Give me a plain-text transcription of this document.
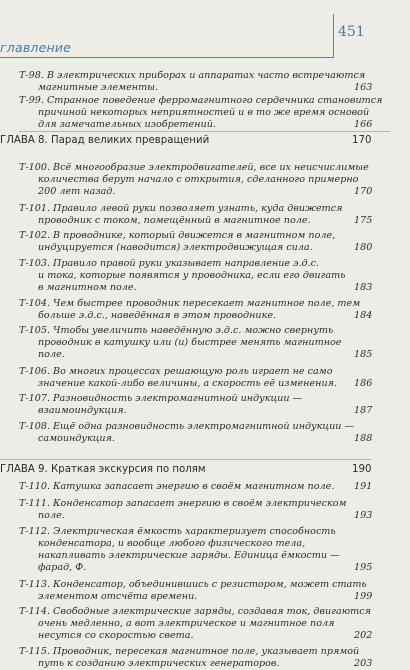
главление
451
Т-98. В электрических приборах и аппаратах часто встречаются
магнитные элементы.	163
Т-99. Странное поведение ферромагнитного сердечника становится
причиной некоторых неприятностей и в то же время основой
для замечательных изобретений.	166
ГЛАВА 8. Парад великих превращений	170
Т-100. Всё многообразие электродвигателей, все их неисчислимые
количества берут начало с открытия, сделанного примерно
200 лет назад.	170
Т-101. Правило левой руки позволяет узнать, куда движется
проводник с током, помещённый в магнитное поле.	175
Т-102. В проводнике, который движется в магнитном поле,
индуцируется (наводится) электродвижущая сила.	180
Т-103. Правило правой руки указывает направление э.д.с.
и тока, которые появятся у проводника, если его двигать
в магнитном поле.	183
Т-104. Чем быстрее проводник пересекает магнитное поле, тем
больше э.д.с., наведённая в этом проводнике.	184
Т-105. Чтобы увеличить наведённую э.д.с. можно свернуть
проводник в катушку или (и) быстрее менять магнитное
поле.	185
Т-106. Во многих процессах решающую роль играет не само
значение какой-либо величины, а скорость её изменения. 186
Т-107. Разновидность электромагнитной индукции —
взаимоиндукция.	187
Т-108. Ещё одна разновидность электромагнитной индукции —
самоиндукция.	188
ГЛАВА 9. Краткая экскурсия по полям	190
Т-110. Катушка запасает энергию в своём магнитном поле. 191
Т-111. Конденсатор запасает энергию в своём электрическом
поле.	193
Т-112. Электрическая ёмкость характеризует способность
конденсатора, и вообще любого физического тела,
накапливать электрические заряды. Единица ёмкости —
фарад, Ф.	195
Т-113. Конденсатор, объединившись с резистором, может стать
элементом отсчёта времени.	199
Т-114. Свободные электрические заряды, создавая ток, двигаются
очень медленно, а вот электрическое и магнитное поля
несутся со скоростью света.	202
Т-115. Проводник, пересекая магнитное поле, указывает прямой
путь к созданию электрических генераторов.	203
